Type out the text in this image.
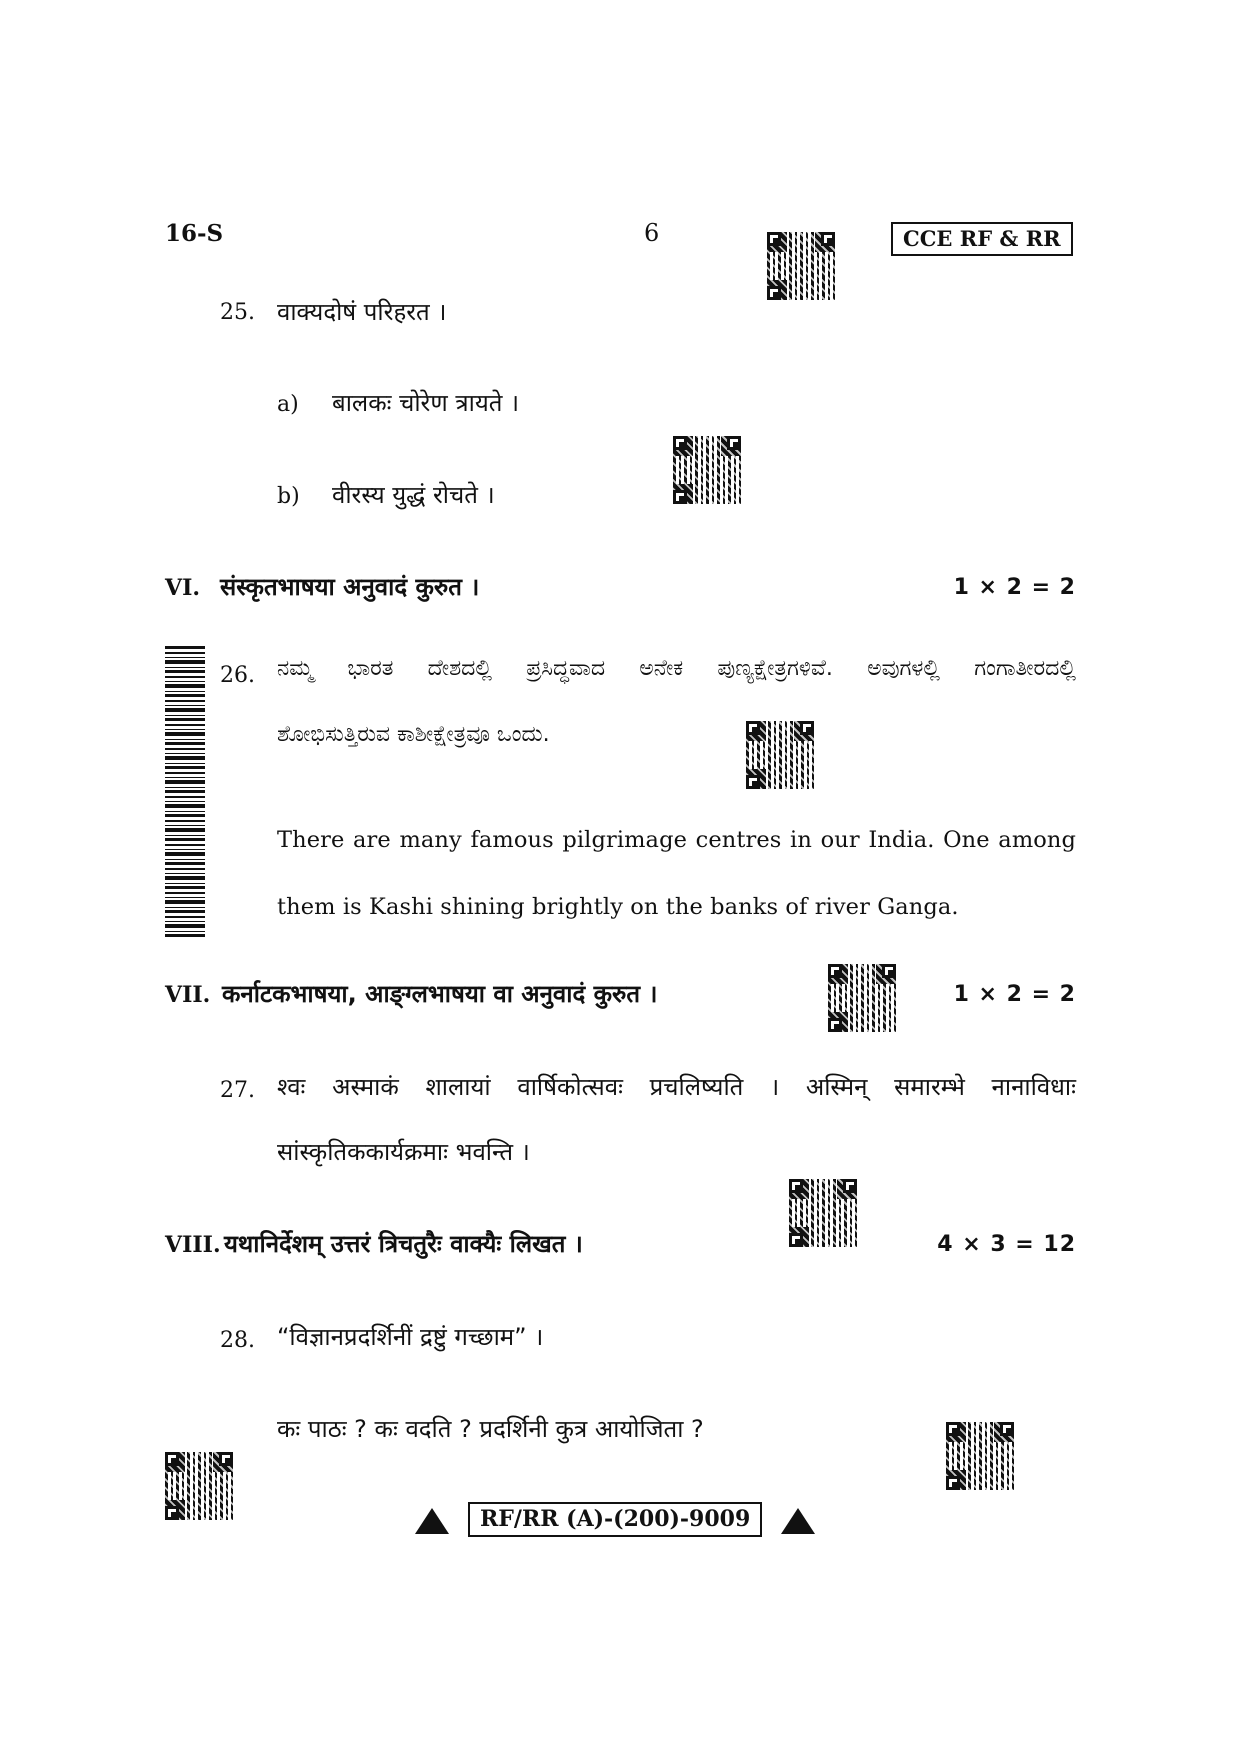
16-S	6	CCE RF & RR
25. वाक्यदोषं परिहरत ।
a) बालकः चोरेण त्रायते ।
b) वीरस्य युद्धं रोचते ।
VI. संस्कृतभाषया अनुवादं कुरुत ।	1 × 2 = 2
26. ನಮ್ಮ ಭಾರತ ದೇಶದಲ್ಲಿ ಪ್ರಸಿದ್ಧವಾದ ಅನೇಕ ಪುಣ್ಯಕ್ಷೇತ್ರಗಳಿವೆ. ಅವುಗಳಲ್ಲಿ ಗಂಗಾತೀರದಲ್ಲಿ
ಶೋಭಿಸುತ್ತಿರುವ ಕಾಶೀಕ್ಷೇತ್ರವೂ ಒಂದು.
There are many famous pilgrimage centres in our India. One among
them is Kashi shining brightly on the banks of river Ganga.
VII. कर्नाटकभाषया, आङ्ग्लभाषया वा अनुवादं कुरुत ।	1 × 2 = 2
27. श्वः अस्माकं शालायां वार्षिकोत्सवः प्रचलिष्यति । अस्मिन् समारम्भे नानाविधाः
सांस्कृतिककार्यक्रमाः भवन्ति ।
VIII. यथानिर्देशम् उत्तरं त्रिचतुरैः वाक्यैः लिखत ।	4 × 3 = 12
28. “विज्ञानप्रदर्शिनीं द्रष्टुं गच्छाम” ।
कः पाठः ? कः वदति ? प्रदर्शिनी कुत्र आयोजिता ?
RF/RR (A)-(200)-9009
